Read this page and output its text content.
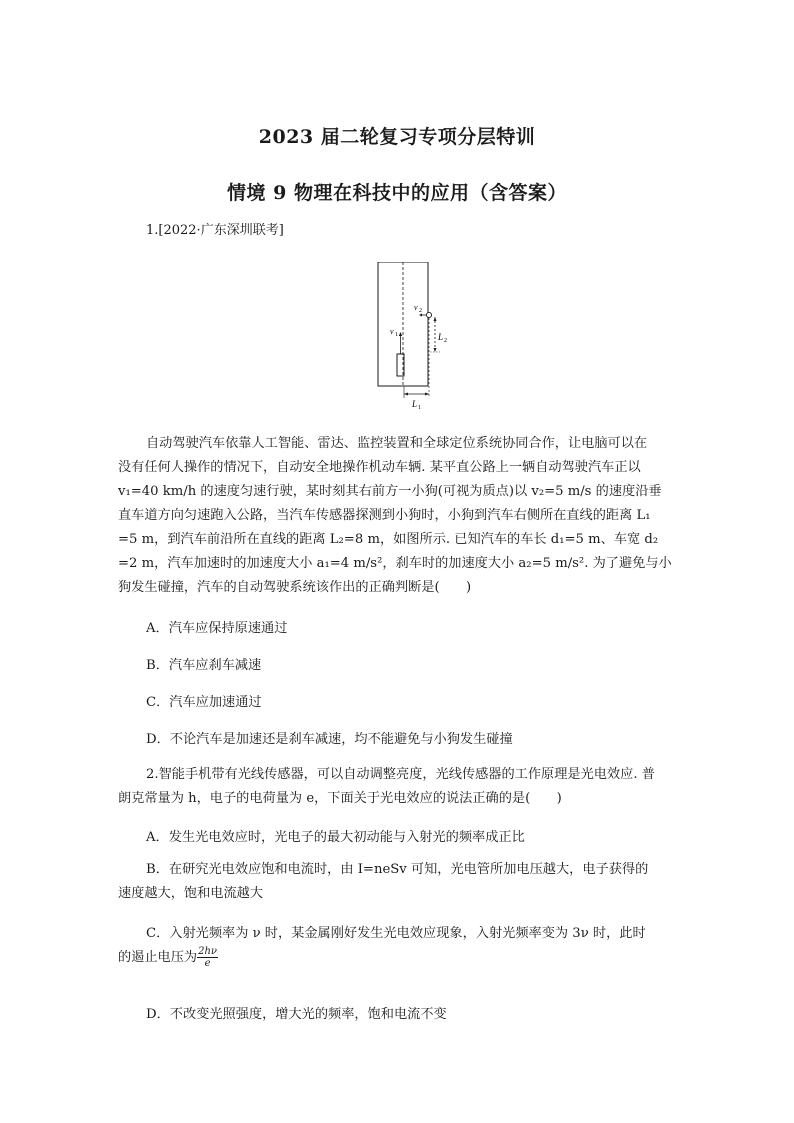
2023 届二轮复习专项分层特训
情境 9 物理在科技中的应用（含答案）
1.[2022·广东深圳联考]
v 1
v 2
L 2
L 1
自动驾驶汽车依靠人工智能、雷达、监控装置和全球定位系统协同合作，让电脑可以在
没有任何人操作的情况下，自动安全地操作机动车辆. 某平直公路上一辆自动驾驶汽车正以
v₁=40 km/h 的速度匀速行驶，某时刻其右前方一小狗(可视为质点)以 v₂=5 m/s 的速度沿垂
直车道方向匀速跑入公路，当汽车传感器探测到小狗时，小狗到汽车右侧所在直线的距离 L₁
=5 m，到汽车前沿所在直线的距离 L₂=8 m，如图所示. 已知汽车的车长 d₁=5 m、车宽 d₂
=2 m，汽车加速时的加速度大小 a₁=4 m/s²，刹车时的加速度大小 a₂=5 m/s². 为了避免与小
狗发生碰撞，汽车的自动驾驶系统该作出的正确判断是(　　)
A．汽车应保持原速通过
B．汽车应刹车减速
C．汽车应加速通过
D．不论汽车是加速还是刹车减速，均不能避免与小狗发生碰撞
2.智能手机带有光线传感器，可以自动调整亮度，光线传感器的工作原理是光电效应. 普
朗克常量为 h，电子的电荷量为 e，下面关于光电效应的说法正确的是(　　)
A．发生光电效应时，光电子的最大初动能与入射光的频率成正比
B．在研究光电效应饱和电流时，由 I=neSv 可知，光电管所加电压越大，电子获得的
速度越大，饱和电流越大
C．入射光频率为 ν 时，某金属刚好发生光电效应现象，入射光频率变为 3ν 时，此时
的遏止电压为 $\frac{2h\nu}{e}$
D．不改变光照强度，增大光的频率，饱和电流不变
